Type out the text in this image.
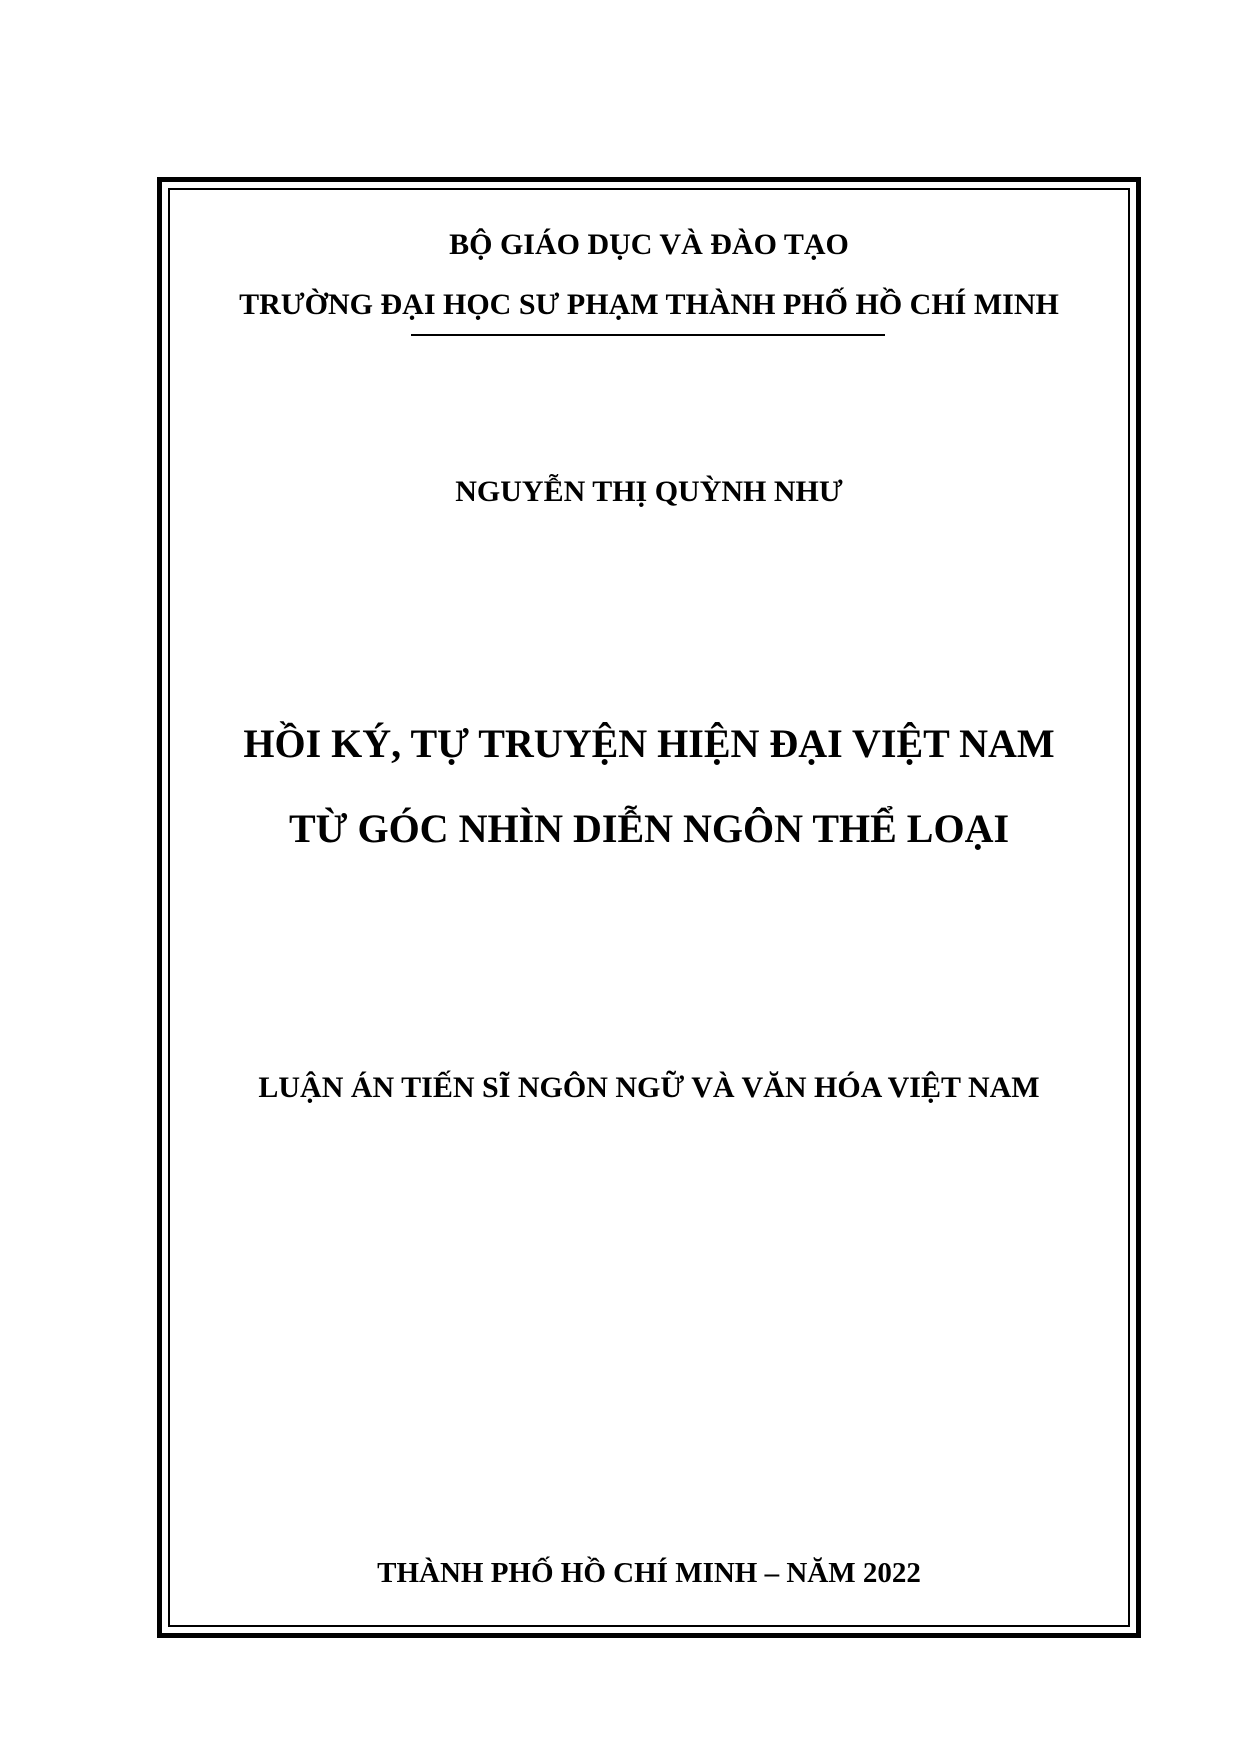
BỘ GIÁO DỤC VÀ ĐÀO TẠO
TRƯỜNG ĐẠI HỌC SƯ PHẠM THÀNH PHỐ HỒ CHÍ MINH
NGUYỄN THỊ QUỲNH NHƯ
HỒI KÝ, TỰ TRUYỆN HIỆN ĐẠI VIỆT NAM
TỪ GÓC NHÌN DIỄN NGÔN THỂ LOẠI
LUẬN ÁN TIẾN SĨ NGÔN NGỮ VÀ VĂN HÓA VIỆT NAM
THÀNH PHỐ HỒ CHÍ MINH – NĂM 2022
